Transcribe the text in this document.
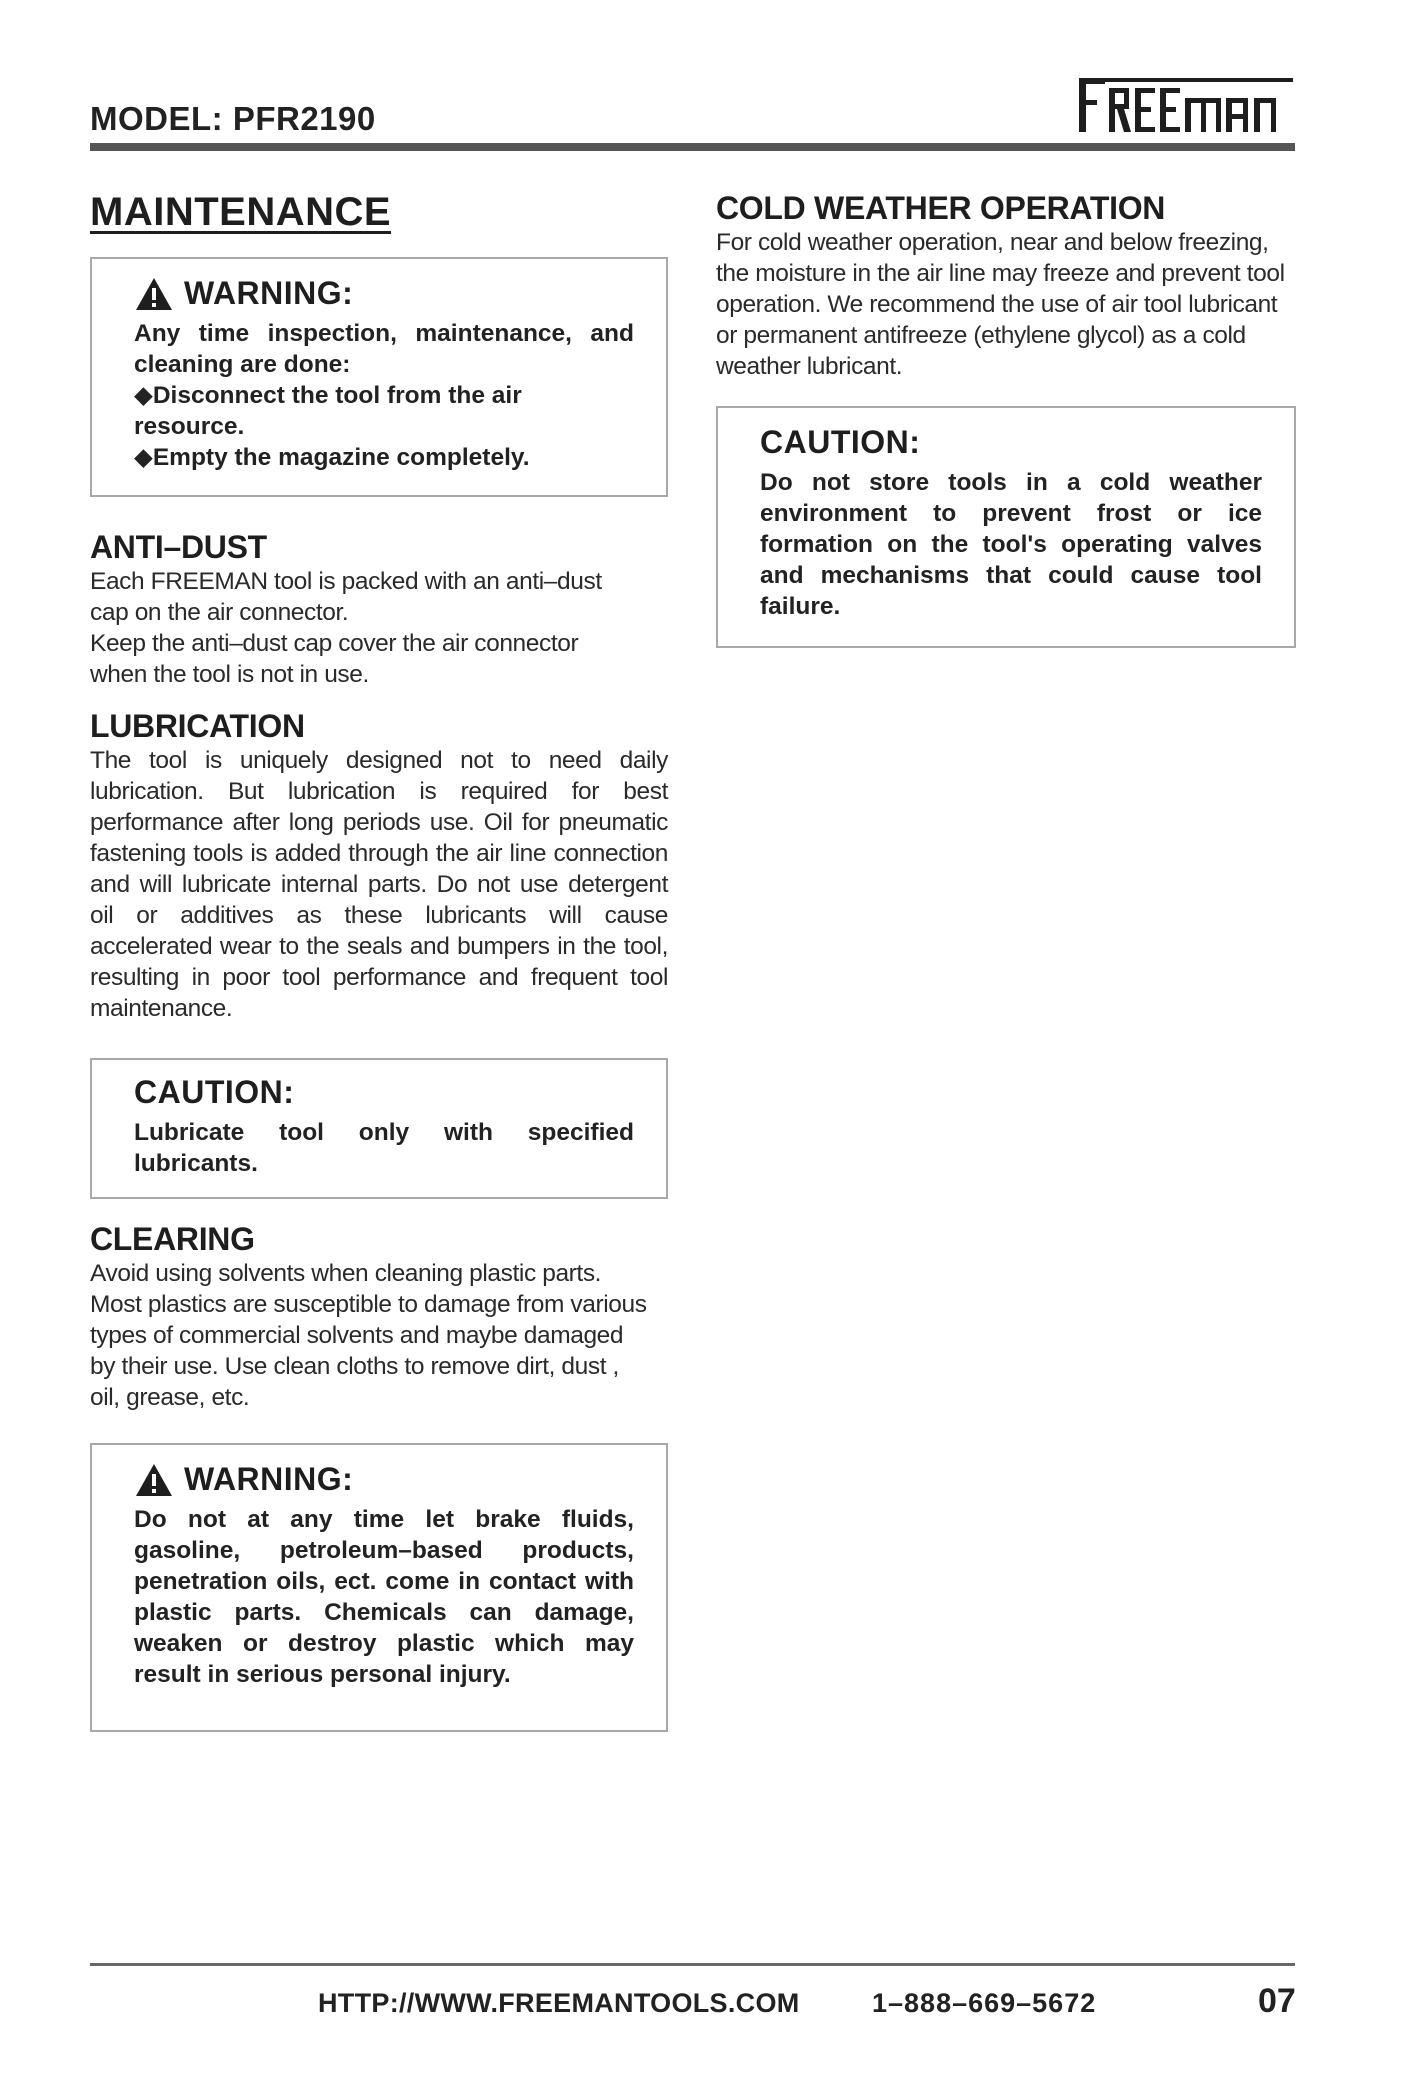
MODEL: PFR2190
FREEMAN
MAINTENANCE
WARNING:
Any time inspection, maintenance, and cleaning are done:
◆Disconnect the tool from the air resource.
◆Empty the magazine completely.
ANTI–DUST
Each FREEMAN tool is packed with an anti–dust cap on the air connector.
Keep the anti–dust cap cover the air connector when the tool is not in use.
LUBRICATION
The tool is uniquely designed not to need daily lubrication. But lubrication is required for best performance after long periods use. Oil for pneumatic fastening tools is added through the air line connection and will lubricate internal parts. Do not use detergent oil or additives as these lubricants will cause accelerated wear to the seals and bumpers in the tool, resulting in poor tool performance and frequent tool maintenance.
CAUTION:
Lubricate tool only with specified lubricants.
CLEARING
Avoid using solvents when cleaning plastic parts. Most plastics are susceptible to damage from various types of commercial solvents and maybe damaged by their use. Use clean cloths to remove dirt, dust , oil, grease, etc.
WARNING:
Do not at any time let brake fluids, gasoline, petroleum–based products, penetration oils, ect. come in contact with plastic parts. Chemicals can damage, weaken or destroy plastic which may result in serious personal injury.
COLD WEATHER OPERATION
For cold weather operation, near and below freezing, the moisture in the air line may freeze and prevent tool operation. We recommend the use of air tool lubricant or permanent antifreeze (ethylene glycol) as a cold weather lubricant.
CAUTION:
Do not store tools in a cold weather environment to prevent frost or ice formation on the tool's operating valves and mechanisms that could cause tool failure.
HTTP://WWW.FREEMANTOOLS.COM	1–888–669–5672	07
